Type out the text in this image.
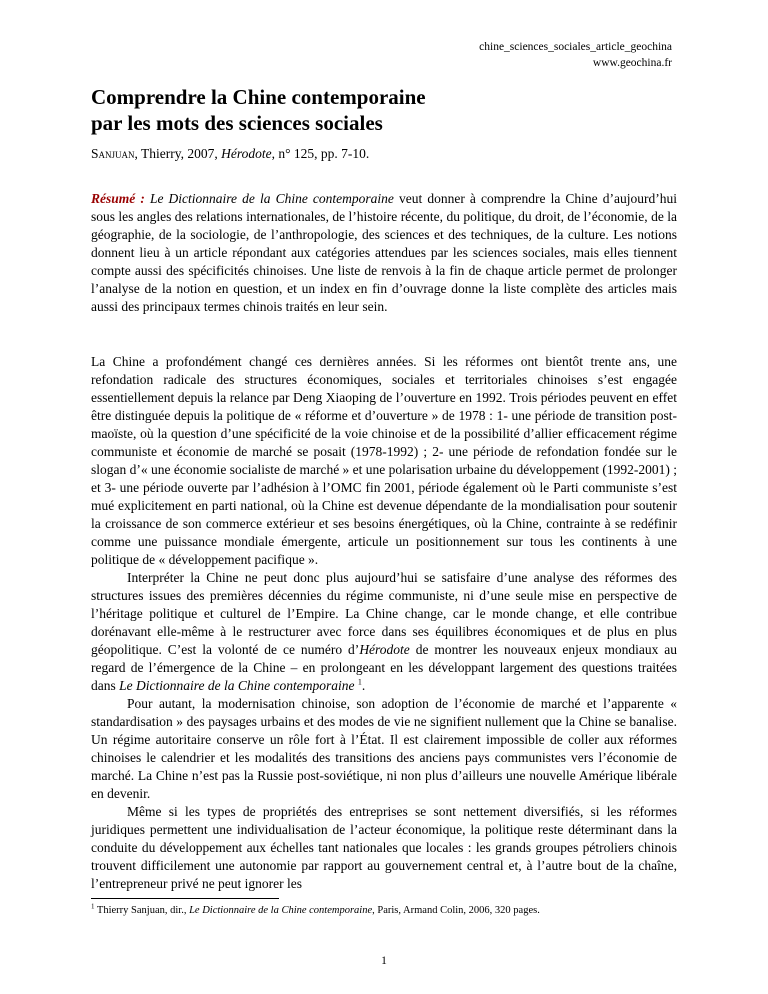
chine_sciences_sociales_article_geochina
www.geochina.fr
Comprendre la Chine contemporaine
par les mots des sciences sociales
Sanjuan, Thierry, 2007, Hérodote, n° 125, pp. 7-10.

Résumé : Le Dictionnaire de la Chine contemporaine veut donner à comprendre la Chine d’aujourd’hui sous les angles des relations internationales, de l’histoire récente, du politique, du droit, de l’économie, de la géographie, de la sociologie, de l’anthropologie, des sciences et des techniques, de la culture. Les notions donnent lieu à un article répondant aux catégories attendues par les sciences sociales, mais elles tiennent compte aussi des spécificités chinoises. Une liste de renvois à la fin de chaque article permet de prolonger l’analyse de la notion en question, et un index en fin d’ouvrage donne la liste complète des articles mais aussi des principaux termes chinois traités en leur sein.

La Chine a profondément changé ces dernières années. Si les réformes ont bientôt trente ans, une refondation radicale des structures économiques, sociales et territoriales chinoises s’est engagée essentiellement depuis la relance par Deng Xiaoping de l’ouverture en 1992. Trois périodes peuvent en effet être distinguée depuis la politique de « réforme et d’ouverture » de 1978 : 1- une période de transition post-maoïste, où la question d’une spécificité de la voie chinoise et de la possibilité d’allier efficacement régime communiste et économie de marché se posait (1978-1992) ; 2- une période de refondation fondée sur le slogan d’« une économie socialiste de marché » et une polarisation urbaine du développement (1992-2001) ; et 3- une période ouverte par l’adhésion à l’OMC fin 2001, période également où le Parti communiste s’est mué explicitement en parti national, où la Chine est devenue dépendante de la mondialisation pour soutenir la croissance de son commerce extérieur et ses besoins énergétiques, où la Chine, contrainte à se redéfinir comme une puissance mondiale émergente, articule un positionnement sur tous les continents à une politique de « développement pacifique ».

Interpréter la Chine ne peut donc plus aujourd’hui se satisfaire d’une analyse des réformes des structures issues des premières décennies du régime communiste, ni d’une seule mise en perspective de l’héritage politique et culturel de l’Empire. La Chine change, car le monde change, et elle contribue dorénavant elle-même à le restructurer avec force dans ses équilibres économiques et de plus en plus géopolitique. C’est la volonté de ce numéro d’Hérodote de montrer les nouveaux enjeux mondiaux au regard de l’émergence de la Chine – en prolongeant en les développant largement des questions traitées dans Le Dictionnaire de la Chine contemporaine $^1$.

Pour autant, la modernisation chinoise, son adoption de l’économie de marché et l’apparente « standardisation » des paysages urbains et des modes de vie ne signifient nullement que la Chine se banalise. Un régime autoritaire conserve un rôle fort à l’État. Il est clairement impossible de coller aux réformes chinoises le calendrier et les modalités des transitions des anciens pays communistes vers l’économie de marché. La Chine n’est pas la Russie post-soviétique, ni non plus d’ailleurs une nouvelle Amérique libérale en devenir.

Même si les types de propriétés des entreprises se sont nettement diversifiés, si les réformes juridiques permettent une individualisation de l’acteur économique, la politique reste déterminant dans la conduite du développement aux échelles tant nationales que locales : les grands groupes pétroliers chinois trouvent difficilement une autonomie par rapport au gouvernement central et, à l’autre bout de la chaîne, l’entrepreneur privé ne peut ignorer les

$^1$ Thierry Sanjuan, dir., Le Dictionnaire de la Chine contemporaine, Paris, Armand Colin, 2006, 320 pages.
1
